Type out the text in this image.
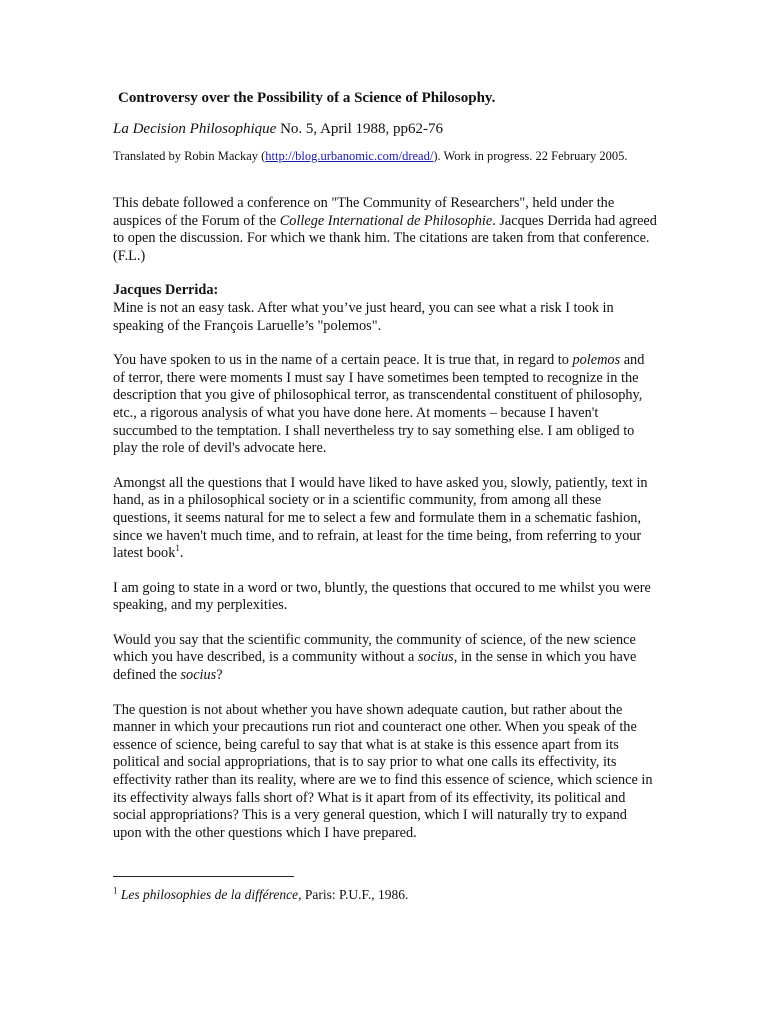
Controversy over the Possibility of a Science of Philosophy.
La Decision Philosophique No. 5, April 1988, pp62-76
Translated by Robin Mackay (http://blog.urbanomic.com/dread/). Work in progress. 22 February 2005.

This debate followed a conference on "The Community of Researchers", held under the auspices of the Forum of the College International de Philosophie. Jacques Derrida had agreed to open the discussion. For which we thank him. The citations are taken from that conference. (F.L.)

Jacques Derrida:

Mine is not an easy task. After what you’ve just heard, you can see what a risk I took in speaking of the François Laruelle’s "polemos".

You have spoken to us in the name of a certain peace. It is true that, in regard to polemos and of terror, there were moments I must say I have sometimes been tempted to recognize in the description that you give of philosophical terror, as transcendental constituent of philosophy, etc., a rigorous analysis of what you have done here. At moments – because I haven't succumbed to the temptation. I shall nevertheless try to say something else. I am obliged to play the role of devil's advocate here.

Amongst all the questions that I would have liked to have asked you, slowly, patiently, text in hand, as in a philosophical society or in a scientific community, from among all these questions, it seems natural for me to select a few and formulate them in a schematic fashion, since we haven't much time, and to refrain, at least for the time being, from referring to your latest book$^1$.

I am going to state in a word or two, bluntly, the questions that occured to me whilst you were speaking, and my perplexities.

Would you say that the scientific community, the community of science, of the new science which you have described, is a community without a socius, in the sense in which you have defined the socius?

The question is not about whether you have shown adequate caution, but rather about the manner in which your precautions run riot and counteract one other. When you speak of the essence of science, being careful to say that what is at stake is this essence apart from its political and social appropriations, that is to say prior to what one calls its effectivity, its effectivity rather than its reality, where are we to find this essence of science, which science in its effectivity always falls short of? What is it apart from of its effectivity, its political and social appropriations? This is a very general question, which I will naturally try to expand upon with the other questions which I have prepared.

$^1$ Les philosophies de la différence, Paris: P.U.F., 1986.
